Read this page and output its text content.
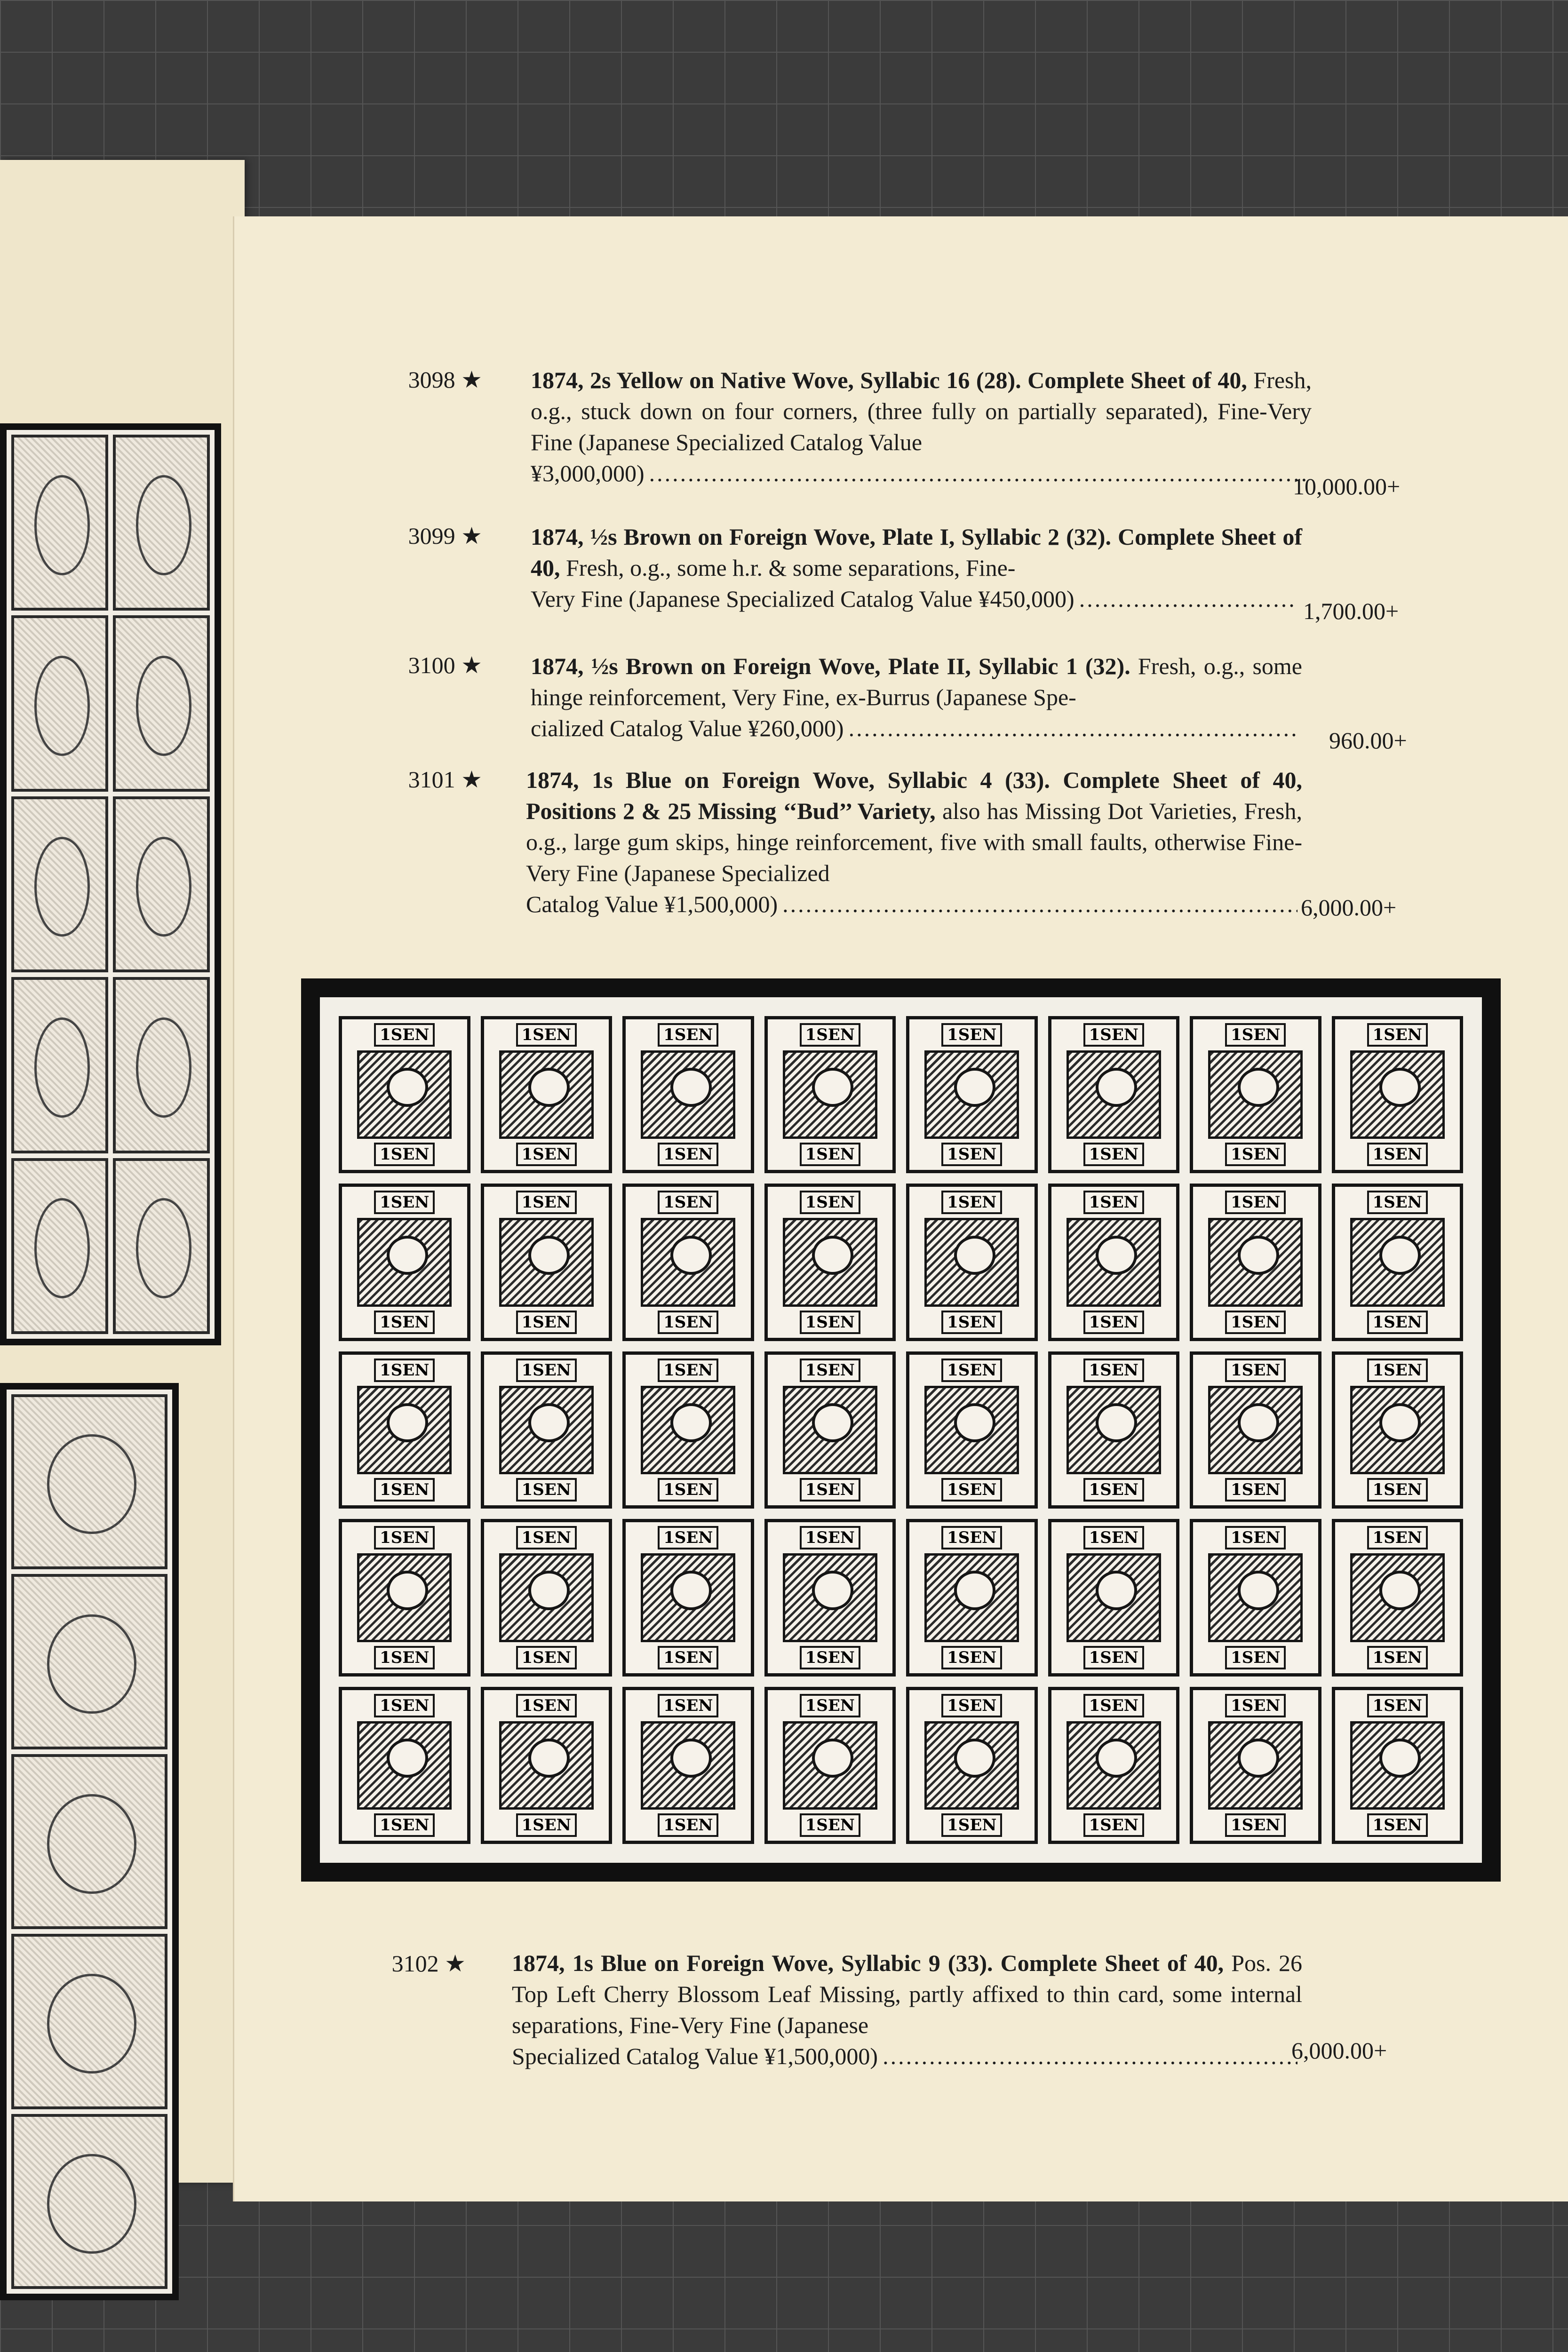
3098 ★ 1874, 2s Yellow on Native Wove, Syllabic 16 (28). Complete Sheet of 40, Fresh, o.g., stuck down on four corners, (three fully on partially separated), Fine-Very Fine (Japanese Specialized Catalog Value
¥3,000,000) .....	10,000.00+
3099 ★ 1874, ½s Brown on Foreign Wove, Plate I, Syllabic 2 (32). Complete Sheet of 40, Fresh, o.g., some h.r. & some separations, Fine-
Very Fine (Japanese Specialized Catalog Value ¥450,000) .....	1,700.00+
3100 ★ 1874, ½s Brown on Foreign Wove, Plate II, Syllabic 1 (32). Fresh, o.g., some hinge reinforcement, Very Fine, ex-Burrus (Japanese Spe-
cialized Catalog Value ¥260,000) .....	960.00+
3101 ★ 1874, 1s Blue on Foreign Wove, Syllabic 4 (33). Complete Sheet of 40, Positions 2 & 25 Missing ‘‘Bud’’ Variety, also has Missing Dot Varieties, Fresh, o.g., large gum skips, hinge reinforcement, five with small faults, otherwise Fine-Very Fine (Japanese Specialized
Catalog Value ¥1,500,000) .....	6,000.00+
1SEN
1SEN
1SEN
1SEN
1SEN
1SEN
1SEN
1SEN
1SEN
1SEN
1SEN
1SEN
1SEN
1SEN
1SEN
1SEN
1SEN
1SEN
1SEN
1SEN
1SEN
1SEN
1SEN
1SEN
1SEN
1SEN
1SEN
1SEN
1SEN
1SEN
1SEN
1SEN
1SEN
1SEN
1SEN
1SEN
1SEN
1SEN
1SEN
1SEN
1SEN
1SEN
1SEN
1SEN
1SEN
1SEN
1SEN
1SEN
1SEN
1SEN
1SEN
1SEN
1SEN
1SEN
1SEN
1SEN
1SEN
1SEN
1SEN
1SEN
1SEN
1SEN
1SEN
1SEN
1SEN
1SEN
1SEN
1SEN
1SEN
1SEN
1SEN
1SEN
1SEN
1SEN
1SEN
1SEN
1SEN
1SEN
1SEN
1SEN
3102 ★ 1874, 1s Blue on Foreign Wove, Syllabic 9 (33). Complete Sheet of 40, Pos. 26 Top Left Cherry Blossom Leaf Missing, partly affixed to thin card, some internal separations, Fine-Very Fine (Japanese
Specialized Catalog Value ¥1,500,000) .....	6,000.00+
